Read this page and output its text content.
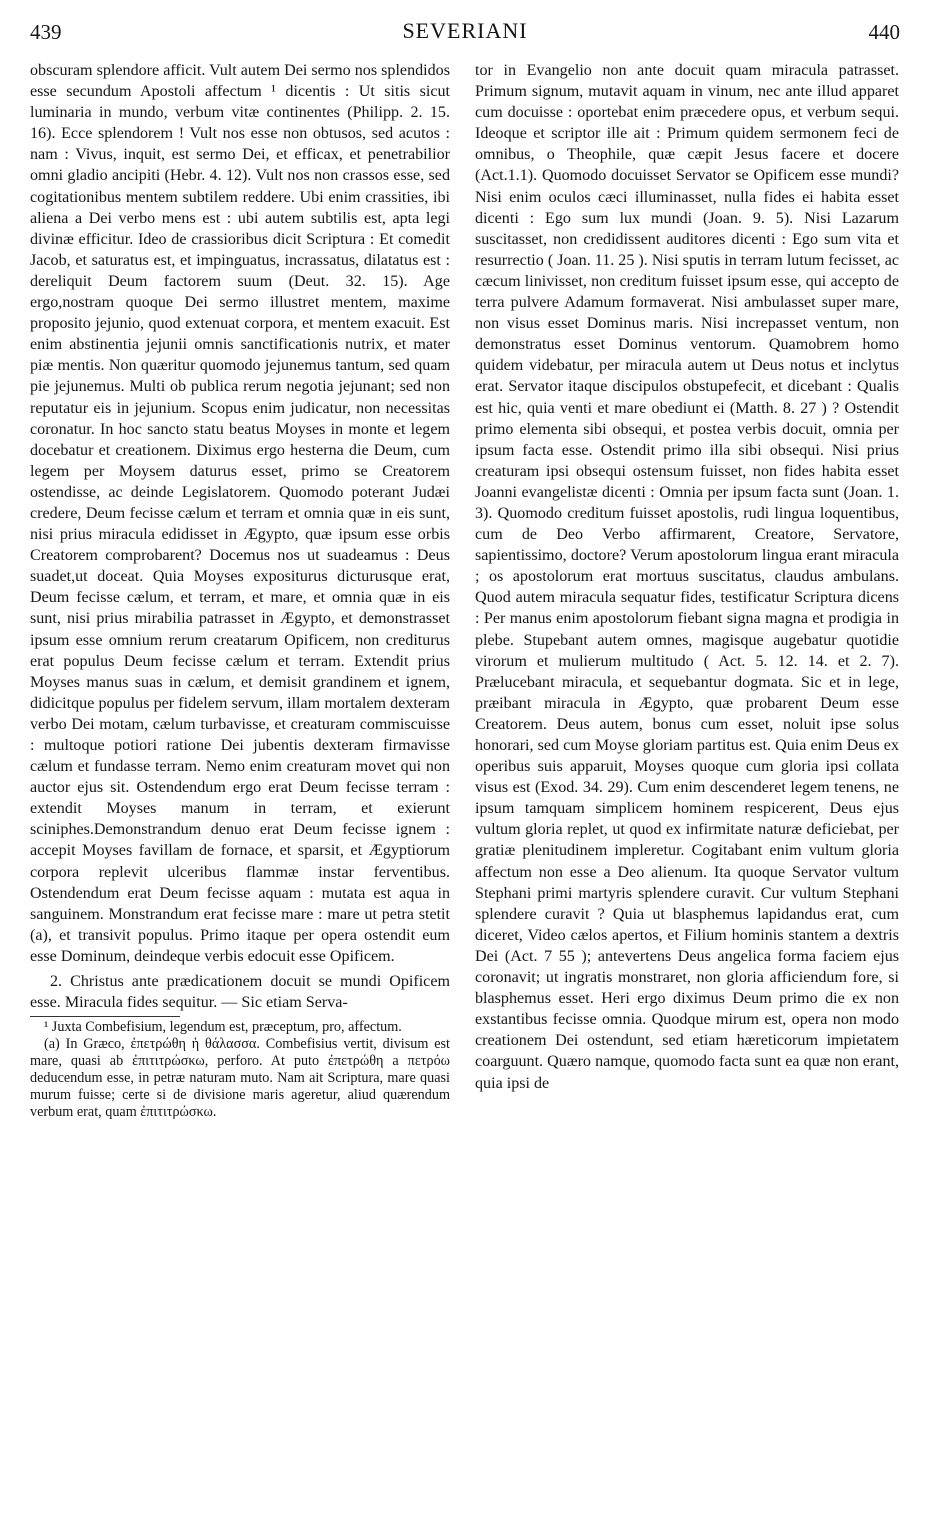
439	SEVERIANI	440

obscuram splendore afficit. Vult autem Dei sermo nos splendidos esse secundum Apostoli affectum ¹ dicentis : Ut sitis sicut luminaria in mundo, verbum vitæ continentes (Philipp. 2. 15. 16). Ecce splendorem ! Vult nos esse non obtusos, sed acutos : nam : Vivus, inquit, est sermo Dei, et efficax, et penetrabilior omni gladio ancipiti (Hebr. 4. 12). Vult nos non crassos esse, sed cogitationibus mentem subtilem reddere. Ubi enim crassities, ibi aliena a Dei verbo mens est : ubi autem subtilis est, apta legi divinæ efficitur. Ideo de crassioribus dicit Scriptura : Et comedit Jacob, et saturatus est, et impinguatus, incrassatus, dilatatus est : dereliquit Deum factorem suum (Deut. 32. 15). Age ergo,nostram quoque Dei sermo illustret mentem, maxime proposito jejunio, quod extenuat corpora, et mentem exacuit. Est enim abstinentia jejunii omnis sanctificationis nutrix, et mater piæ mentis. Non quæritur quomodo jejunemus tantum, sed quam pie jejunemus. Multi ob publica rerum negotia jejunant; sed non reputatur eis in jejunium. Scopus enim judicatur, non necessitas coronatur. In hoc sancto statu beatus Moyses in monte et legem docebatur et creationem. Diximus ergo hesterna die Deum, cum legem per Moysem daturus esset, primo se Creatorem ostendisse, ac deinde Legislatorem. Quomodo poterant Judæi credere, Deum fecisse cælum et terram et omnia quæ in eis sunt, nisi prius miracula edidisset in Ægypto, quæ ipsum esse orbis Creatorem comprobarent? Docemus nos ut suadeamus : Deus suadet,ut doceat. Quia Moyses expositurus dicturusque erat, Deum fecisse cælum, et terram, et mare, et omnia quæ in eis sunt, nisi prius mirabilia patrasset in Ægypto, et demonstrasset ipsum esse omnium rerum creatarum Opificem, non crediturus erat populus Deum fecisse cælum et terram. Extendit prius Moyses manus suas in cælum, et demisit grandinem et ignem, didicitque populus per fidelem servum, illam mortalem dexteram verbo Dei motam, cælum turbavisse, et creaturam commiscuisse : multoque potiori ratione Dei jubentis dexteram firmavisse cælum et fundasse terram. Nemo enim creaturam movet qui non auctor ejus sit. Ostendendum ergo erat Deum fecisse terram : extendit Moyses manum in terram, et exierunt sciniphes.Demonstrandum denuo erat Deum fecisse ignem : accepit Moyses favillam de fornace, et sparsit, et Ægyptiorum corpora replevit ulceribus flammæ instar ferventibus. Ostendendum erat Deum fecisse aquam : mutata est aqua in sanguinem. Monstrandum erat fecisse mare : mare ut petra stetit (a), et transivit populus. Primo itaque per opera ostendit eum esse Dominum, deindeque verbis edocuit esse Opificem.

2. Christus ante prædicationem docuit se mundi Opificem esse. Miracula fides sequitur. — Sic etiam Serva-

¹ Juxta Combefisium, legendum est, præceptum, pro, affectum.

(a) In Græco, ἐπετρώθη ἡ θάλασσα. Combefisius vertit, divisum est mare, quasi ab ἐπιτιτρώσκω, perforo. At puto ἐπετρώθη a πετρόω deducendum esse, in petræ naturam muto. Nam ait Scriptura, mare quasi murum fuisse; certe si de divisione maris ageretur, aliud quærendum verbum erat, quam ἐπιτιτρώσκω.

tor in Evangelio non ante docuit quam miracula patrasset. Primum signum, mutavit aquam in vinum, nec ante illud apparet cum docuisse : oportebat enim præcedere opus, et verbum sequi. Ideoque et scriptor ille ait : Primum quidem sermonem feci de omnibus, o Theophile, quæ cæpit Jesus facere et docere (Act.1.1). Quomodo docuisset Servator se Opificem esse mundi? Nisi enim oculos cæci illuminasset, nulla fides ei habita esset dicenti : Ego sum lux mundi (Joan. 9. 5). Nisi Lazarum suscitasset, non credidissent auditores dicenti : Ego sum vita et resurrectio ( Joan. 11. 25 ). Nisi sputis in terram lutum fecisset, ac cæcum linivisset, non creditum fuisset ipsum esse, qui accepto de terra pulvere Adamum formaverat. Nisi ambulasset super mare, non visus esset Dominus maris. Nisi increpasset ventum, non demonstratus esset Dominus ventorum. Quamobrem homo quidem videbatur, per miracula autem ut Deus notus et inclytus erat. Servator itaque discipulos obstupefecit, et dicebant : Qualis est hic, quia venti et mare obediunt ei (Matth. 8. 27 ) ? Ostendit primo elementa sibi obsequi, et postea verbis docuit, omnia per ipsum facta esse. Ostendit primo illa sibi obsequi. Nisi prius creaturam ipsi obsequi ostensum fuisset, non fides habita esset Joanni evangelistæ dicenti : Omnia per ipsum facta sunt (Joan. 1. 3). Quomodo creditum fuisset apostolis, rudi lingua loquentibus, cum de Deo Verbo affirmarent, Creatore, Servatore, sapientissimo, doctore? Verum apostolorum lingua erant miracula ; os apostolorum erat mortuus suscitatus, claudus ambulans. Quod autem miracula sequatur fides, testificatur Scriptura dicens : Per manus enim apostolorum fiebant signa magna et prodigia in plebe. Stupebant autem omnes, magisque augebatur quotidie virorum et mulierum multitudo ( Act. 5. 12. 14. et 2. 7). Prælucebant miracula, et sequebantur dogmata. Sic et in lege, præibant miracula in Ægypto, quæ probarent Deum esse Creatorem. Deus autem, bonus cum esset, noluit ipse solus honorari, sed cum Moyse gloriam partitus est. Quia enim Deus ex operibus suis apparuit, Moyses quoque cum gloria ipsi collata visus est (Exod. 34. 29). Cum enim descenderet legem tenens, ne ipsum tamquam simplicem hominem respicerent, Deus ejus vultum gloria replet, ut quod ex infirmitate naturæ deficiebat, per gratiæ plenitudinem impleretur. Cogitabant enim vultum gloria affectum non esse a Deo alienum. Ita quoque Servator vultum Stephani primi martyris splendere curavit. Cur vultum Stephani splendere curavit ? Quia ut blasphemus lapidandus erat, cum diceret, Video cælos apertos, et Filium hominis stantem a dextris Dei (Act. 7 55 ); antevertens Deus angelica forma faciem ejus coronavit; ut ingratis monstraret, non gloria afficiendum fore, si blasphemus esset. Heri ergo diximus Deum primo die ex non exstantibus fecisse omnia. Quodque mirum est, opera non modo creationem Dei ostendunt, sed etiam hæreticorum impietatem coarguunt. Quæro namque, quomodo facta sunt ea quæ non erant, quia ipsi de
